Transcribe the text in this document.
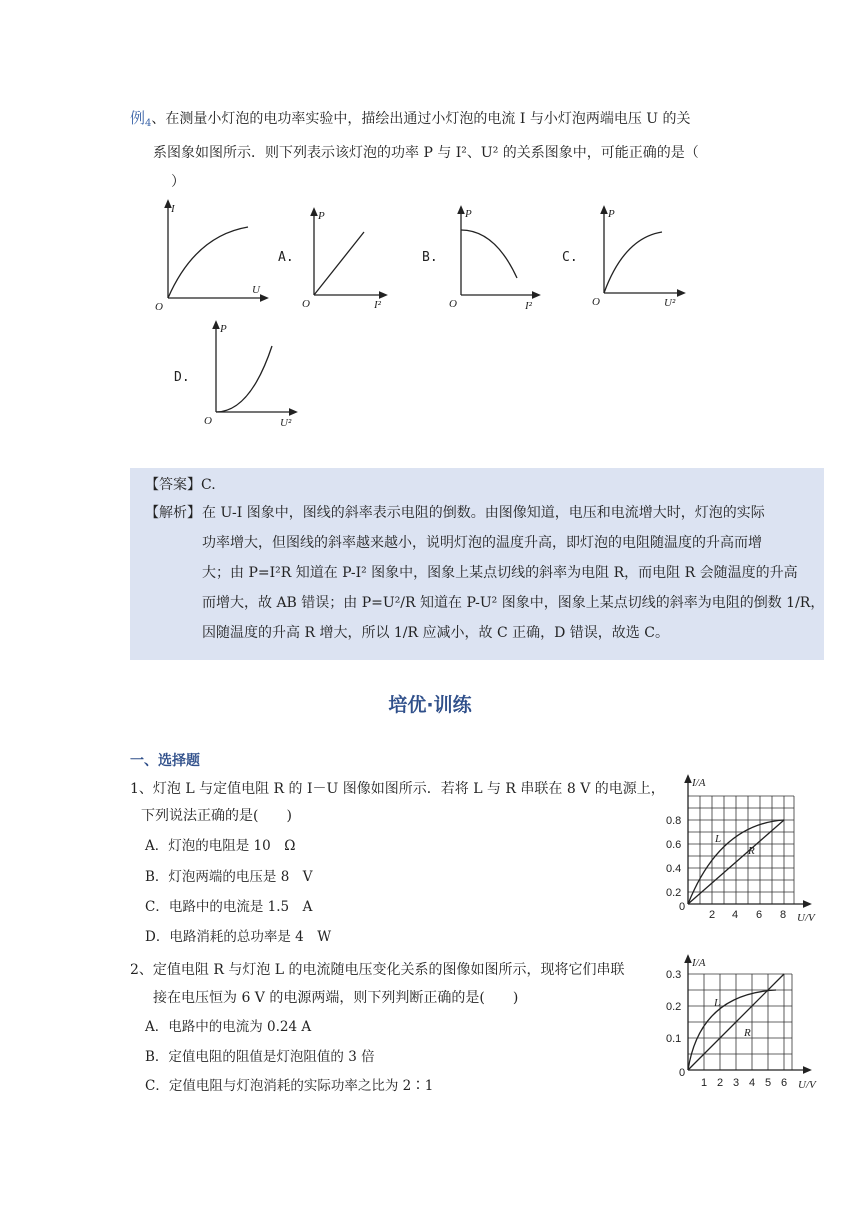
例$_4$、在测量小灯泡的电功率实验中，描绘出通过小灯泡的电流 I 与小灯泡两端电压 U 的关
系图象如图所示．则下列表示该灯泡的功率 P 与 I²、U² 的关系图象中，可能正确的是（
）
I
U
O
A.
P
I²
O
B.
P
I²
O
C.
P
U²
O
D.
P
U²
O
【答案】C.
【解析】 在 U-I 图象中，图线的斜率表示电阻的倒数。由图像知道，电压和电流增大时，灯泡的实际
功率增大，但图线的斜率越来越小，说明灯泡的温度升高，即灯泡的电阻随温度的升高而增
大；由 P=I²R 知道在 P-I² 图象中，图象上某点切线的斜率为电阻 R，而电阻 R 会随温度的升高
而增大，故 AB 错误；由 P=U²/R 知道在 P-U² 图象中，图象上某点切线的斜率为电阻的倒数 1/R，
因随温度的升高 R 增大，所以 1/R 应减小，故 C 正确，D 错误，故选 C。
培优·训练
一、选择题
1、灯泡 L 与定值电阻 R 的 I－U 图像如图所示．若将 L 与 R 串联在 8 V 的电源上，
下列说法正确的是(　　)
A．灯泡的电阻是 10　Ω
B．灯泡两端的电压是 8　V
C．电路中的电流是 1.5　A
D．电路消耗的总功率是 4　W
I/A
U/V
0
0.2
0.4
0.6
0.8
2 4 6 8
L
R
2、定值电阻 R 与灯泡 L 的电流随电压变化关系的图像如图所示，现将它们串联
接在电压恒为 6 V 的电源两端，则下列判断正确的是(　　)
A．电路中的电流为 0.24 A
B．定值电阻的阻值是灯泡阻值的 3 倍
C．定值电阻与灯泡消耗的实际功率之比为 2∶1
I/A
U/V
0
0.1
0.2
0.3
1 2 3 4 5 6
L
R
